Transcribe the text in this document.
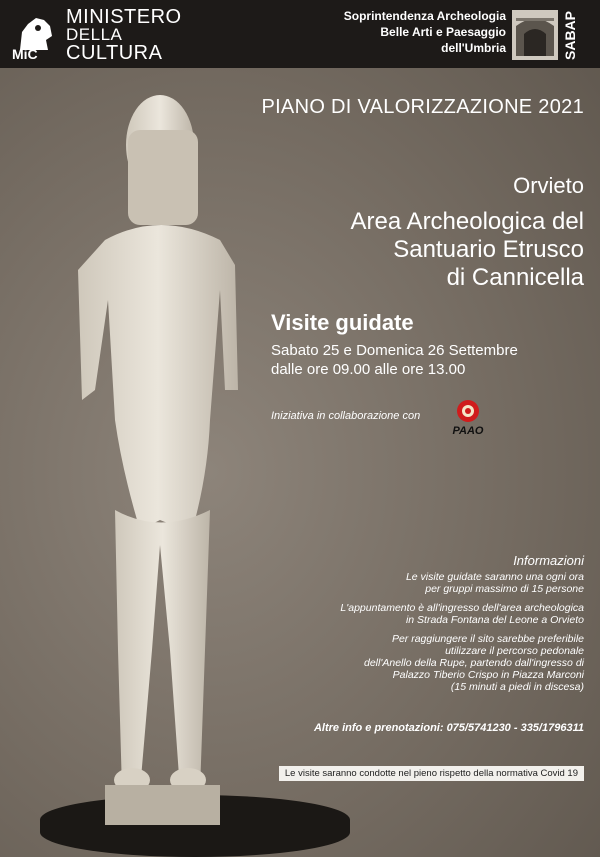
MiC
MINISTERO
DELLA
CULTURA
Soprintendenza Archeologia
Belle Arti e Paesaggio
dell'Umbria	SABAP
PIANO DI VALORIZZAZIONE 2021
Orvieto
Area Archeologica del
Santuario Etrusco
di Cannicella
Visite guidate
Sabato 25 e Domenica 26 Settembre
dalle ore 09.00 alle ore 13.00
Iniziativa in collaborazione con
PAAO
Informazioni

Le visite guidate saranno una ogni ora
per gruppi massimo di 15 persone

L'appuntamento è all'ingresso dell'area archeologica
in Strada Fontana del Leone a Orvieto

Per raggiungere il sito sarebbe preferibile
utilizzare il percorso pedonale
dell'Anello della Rupe, partendo dall'ingresso di
Palazzo Tiberio Crispo in Piazza Marconi
(15 minuti a piedi in discesa)

Altre info e prenotazioni: 075/5741230 - 335/1796311
Le visite saranno condotte nel pieno rispetto della normativa Covid 19
